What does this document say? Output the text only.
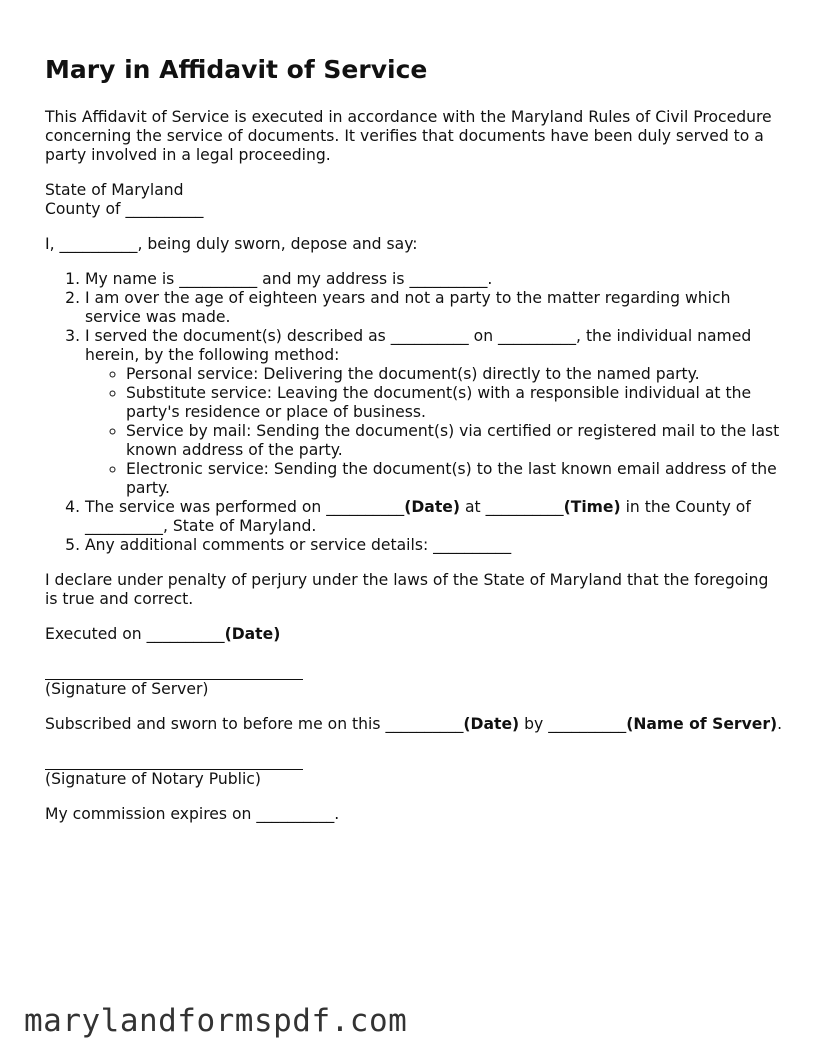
Mary in Affidavit of Service

This Affidavit of Service is executed in accordance with the Maryland Rules of Civil Procedure concerning the service of documents. It verifies that documents have been duly served to a party involved in a legal proceeding.

State of Maryland
County of __________

I, __________, being duly sworn, depose and say:

1. My name is __________ and my address is __________.
2. I am over the age of eighteen years and not a party to the matter regarding which service was made.
3. I served the document(s) described as __________ on __________, the individual named herein, by the following method:
◦ Personal service: Delivering the document(s) directly to the named party.
◦ Substitute service: Leaving the document(s) with a responsible individual at the party's residence or place of business.
◦ Service by mail: Sending the document(s) via certified or registered mail to the last known address of the party.
◦ Electronic service: Sending the document(s) to the last known email address of the party.
4. The service was performed on __________(Date) at __________(Time) in the County of __________, State of Maryland.
5. Any additional comments or service details: __________

I declare under penalty of perjury under the laws of the State of Maryland that the foregoing is true and correct.

Executed on __________(Date)

(Signature of Server)

Subscribed and sworn to before me on this __________(Date) by __________(Name of Server).

(Signature of Notary Public)

My commission expires on __________.

marylandformspdf.com
